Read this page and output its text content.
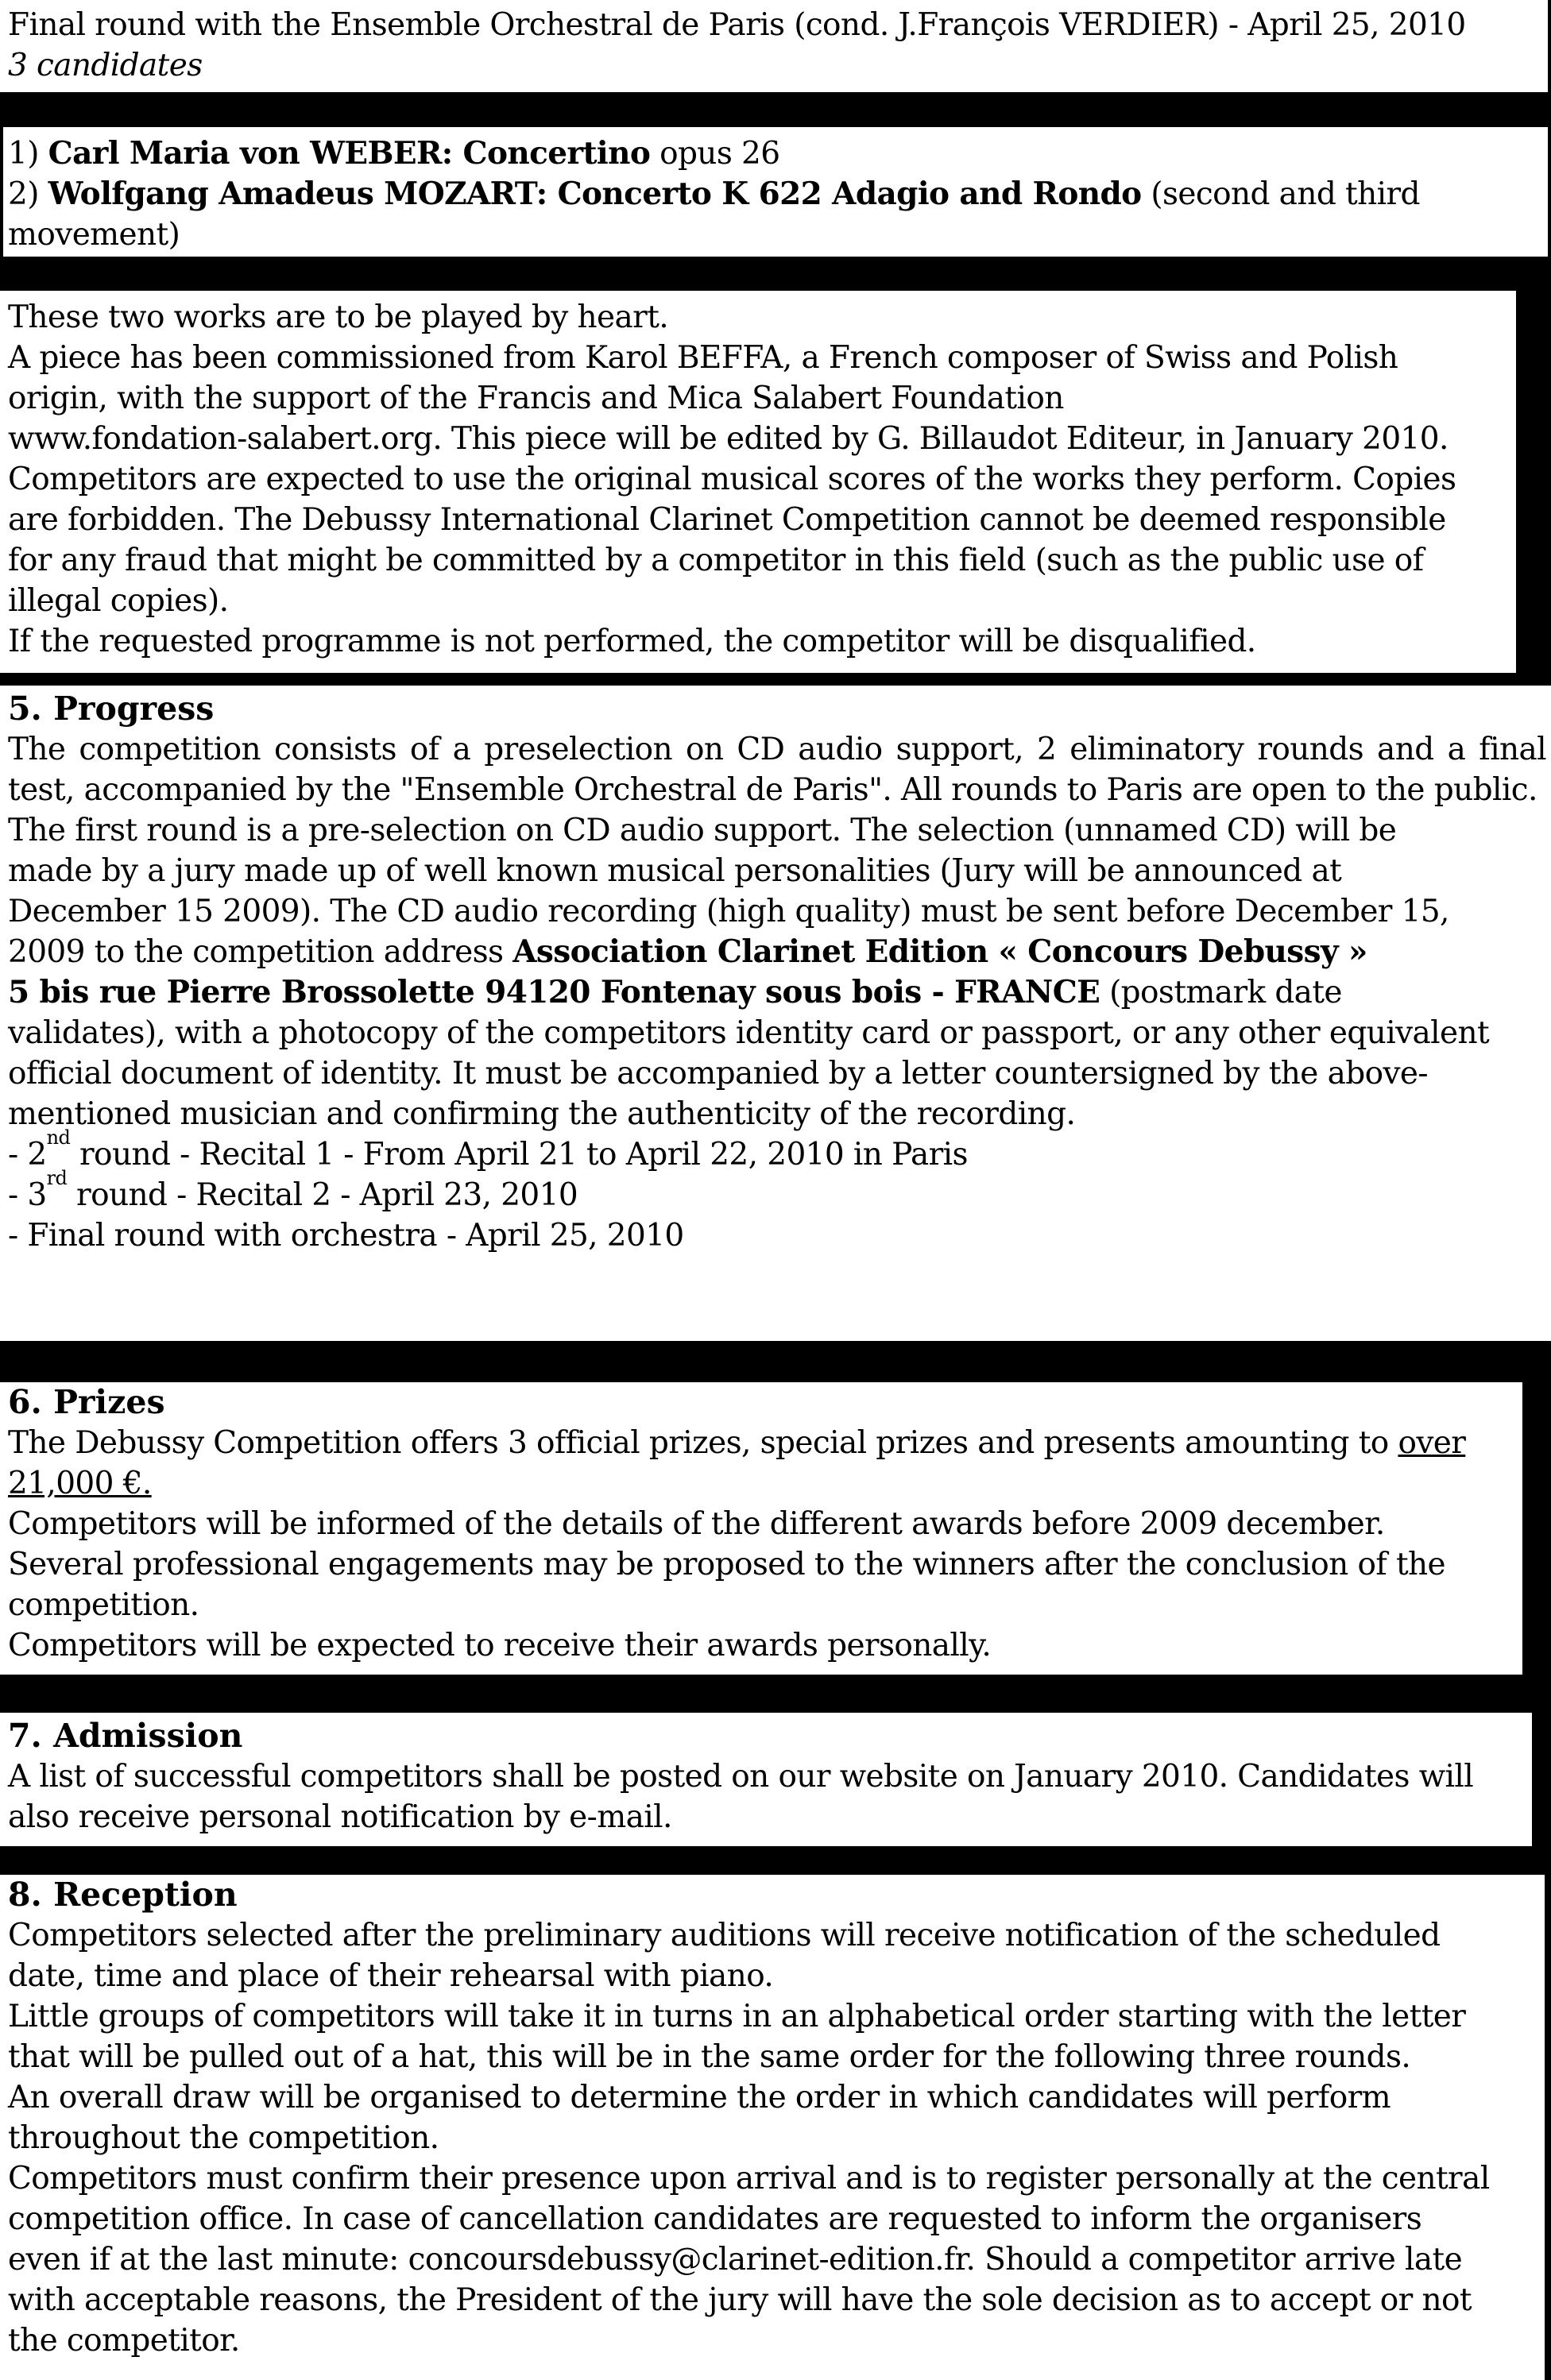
Final round with the Ensemble Orchestral de Paris (cond. J.François VERDIER) - April 25, 2010
3 candidates
1) Carl Maria von WEBER: Concertino opus 26
2) Wolfgang Amadeus MOZART: Concerto K 622 Adagio and Rondo (second and third
movement)
These two works are to be played by heart.
A piece has been commissioned from Karol BEFFA, a French composer of Swiss and Polish
origin, with the support of the Francis and Mica Salabert Foundation
www.fondation-salabert.org. This piece will be edited by G. Billaudot Editeur, in January 2010.
Competitors are expected to use the original musical scores of the works they perform. Copies
are forbidden. The Debussy International Clarinet Competition cannot be deemed responsible
for any fraud that might be committed by a competitor in this field (such as the public use of
illegal copies).
If the requested programme is not performed, the competitor will be disqualified.
5. Progress
The competition consists of a preselection on CD audio support, 2 eliminatory rounds and a final test, accompanied by the "Ensemble Orchestral de Paris". All rounds to Paris are open to the public.
The first round is a pre-selection on CD audio support. The selection (unnamed CD) will be
made by a jury made up of well known musical personalities (Jury will be announced at
December 15 2009). The CD audio recording (high quality) must be sent before December 15,
2009 to the competition address Association Clarinet Edition « Concours Debussy »
5 bis rue Pierre Brossolette 94120 Fontenay sous bois - FRANCE (postmark date
validates), with a photocopy of the competitors identity card or passport, or any other equivalent
official document of identity. It must be accompanied by a letter countersigned by the above-
mentioned musician and confirming the authenticity of the recording.
- 2nd round - Recital 1 - From April 21 to April 22, 2010 in Paris
- 3rd round - Recital 2 - April 23, 2010
- Final round with orchestra - April 25, 2010
6. Prizes
The Debussy Competition offers 3 official prizes, special prizes and presents amounting to over
21,000 €.
Competitors will be informed of the details of the different awards before 2009 december.
Several professional engagements may be proposed to the winners after the conclusion of the
competition.
Competitors will be expected to receive their awards personally.
7. Admission
A list of successful competitors shall be posted on our website on January 2010. Candidates will
also receive personal notification by e-mail.
8. Reception
Competitors selected after the preliminary auditions will receive notification of the scheduled
date, time and place of their rehearsal with piano.
Little groups of competitors will take it in turns in an alphabetical order starting with the letter
that will be pulled out of a hat, this will be in the same order for the following three rounds.
An overall draw will be organised to determine the order in which candidates will perform
throughout the competition.
Competitors must confirm their presence upon arrival and is to register personally at the central
competition office. In case of cancellation candidates are requested to inform the organisers
even if at the last minute: concoursdebussy@clarinet-edition.fr. Should a competitor arrive late
with acceptable reasons, the President of the jury will have the sole decision as to accept or not
the competitor.
